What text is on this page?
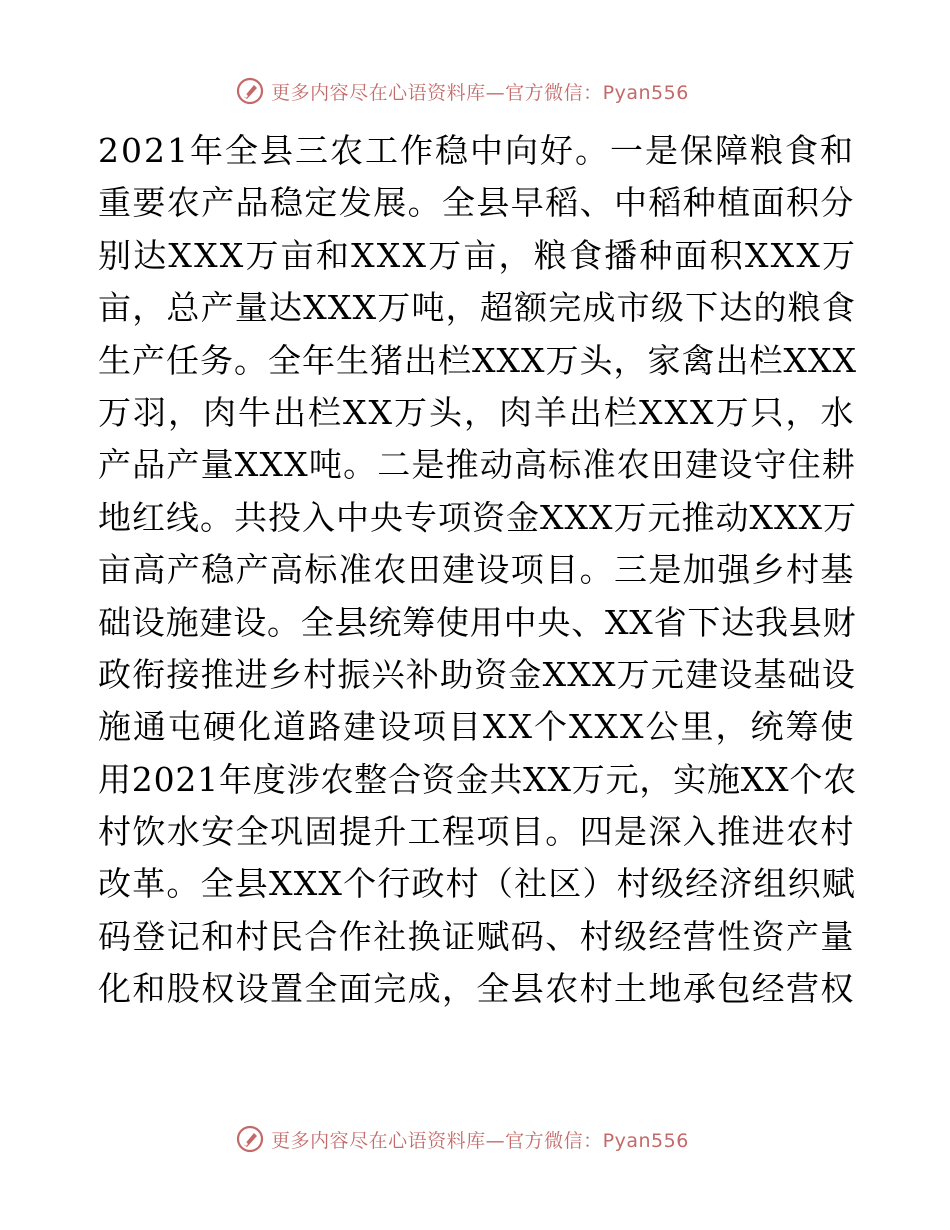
更多内容尽在心语资料库—官方微信：Pyan556
2021年全县三农工作稳中向好。一是保障粮食和
重要农产品稳定发展。全县早稻、中稻种植面积分
别达XXX万亩和XXX万亩，粮食播种面积XXX万
亩，总产量达XXX万吨，超额完成市级下达的粮食
生产任务。全年生猪出栏XXX万头，家禽出栏XXX
万羽，肉牛出栏XX万头，肉羊出栏XXX万只，水
产品产量XXX吨。二是推动高标准农田建设守住耕
地红线。共投入中央专项资金XXX万元推动XXX万
亩高产稳产高标准农田建设项目。三是加强乡村基
础设施建设。全县统筹使用中央、XX省下达我县财
政衔接推进乡村振兴补助资金XXX万元建设基础设
施通屯硬化道路建设项目XX个XXX公里，统筹使
用2021年度涉农整合资金共XX万元，实施XX个农
村饮水安全巩固提升工程项目。四是深入推进农村
改革。全县XXX个行政村（社区）村级经济组织赋
码登记和村民合作社换证赋码、村级经营性资产量
化和股权设置全面完成，全县农村土地承包经营权
更多内容尽在心语资料库—官方微信：Pyan556
